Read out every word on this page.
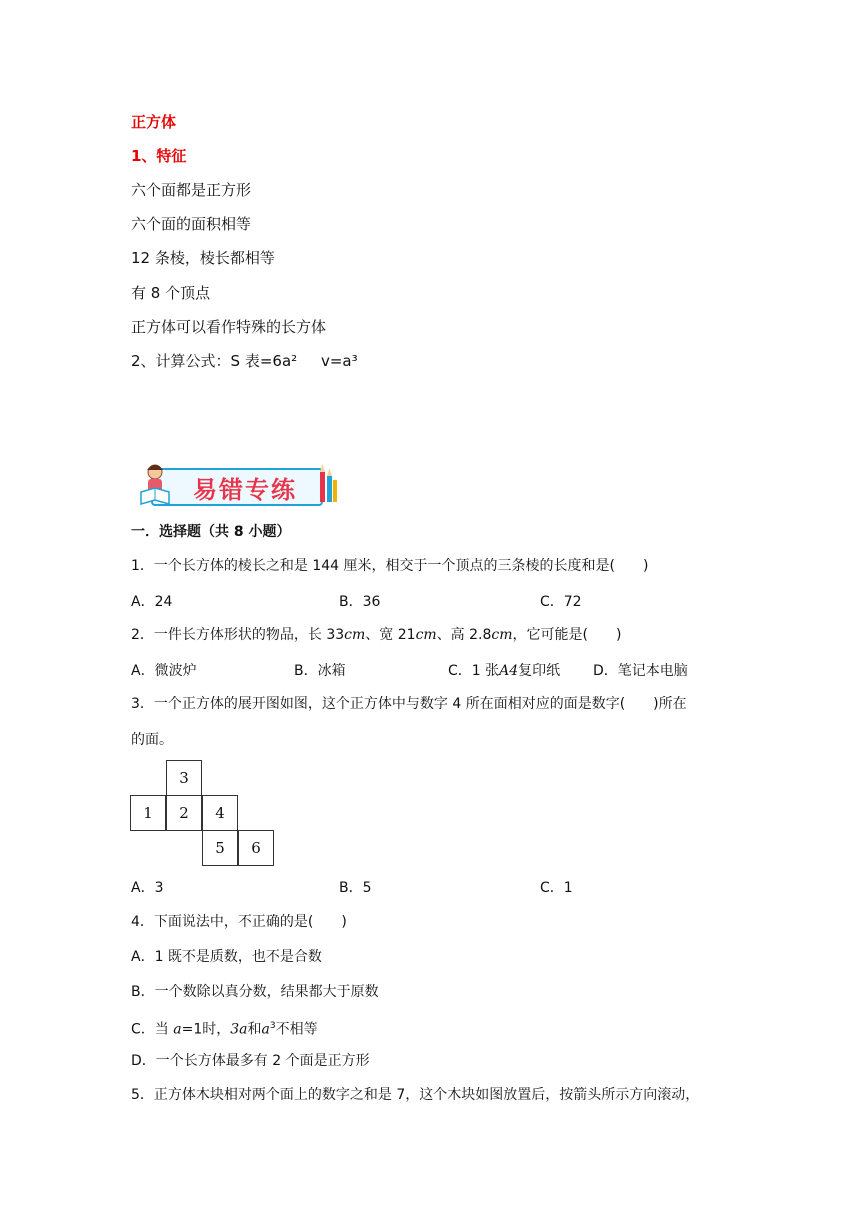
正方体
1、特征
六个面都是正方形
六个面的面积相等
12 条棱，棱长都相等
有 8 个顶点
正方体可以看作特殊的长方体
2、计算公式：S 表=6a²     v=a³
易错专练
一．选择题（共 8 小题）
1．一个长方体的棱长之和是 144 厘米，相交于一个顶点的三条棱的长度和是(　　)
A．24	B．36	C．72
2．一件长方体形状的物品，长 33cm、宽 21cm、高 2.8cm，它可能是(　　)
A．微波炉	B．冰箱	C．1 张A4复印纸 D．笔记本电脑
3．一个正方体的展开图如图，这个正方体中与数字 4 所在面相对应的面是数字(　　)所在
的面。
3
1	2	4
5	6
A．3	B．5	C．1
4．下面说法中，不正确的是(　　)
A．1 既不是质数，也不是合数
B．一个数除以真分数，结果都大于原数
C．当 a=1时，3a和$a^3$不相等
D．一个长方体最多有 2 个面是正方形
5．正方体木块相对两个面上的数字之和是 7，这个木块如图放置后，按箭头所示方向滚动，
